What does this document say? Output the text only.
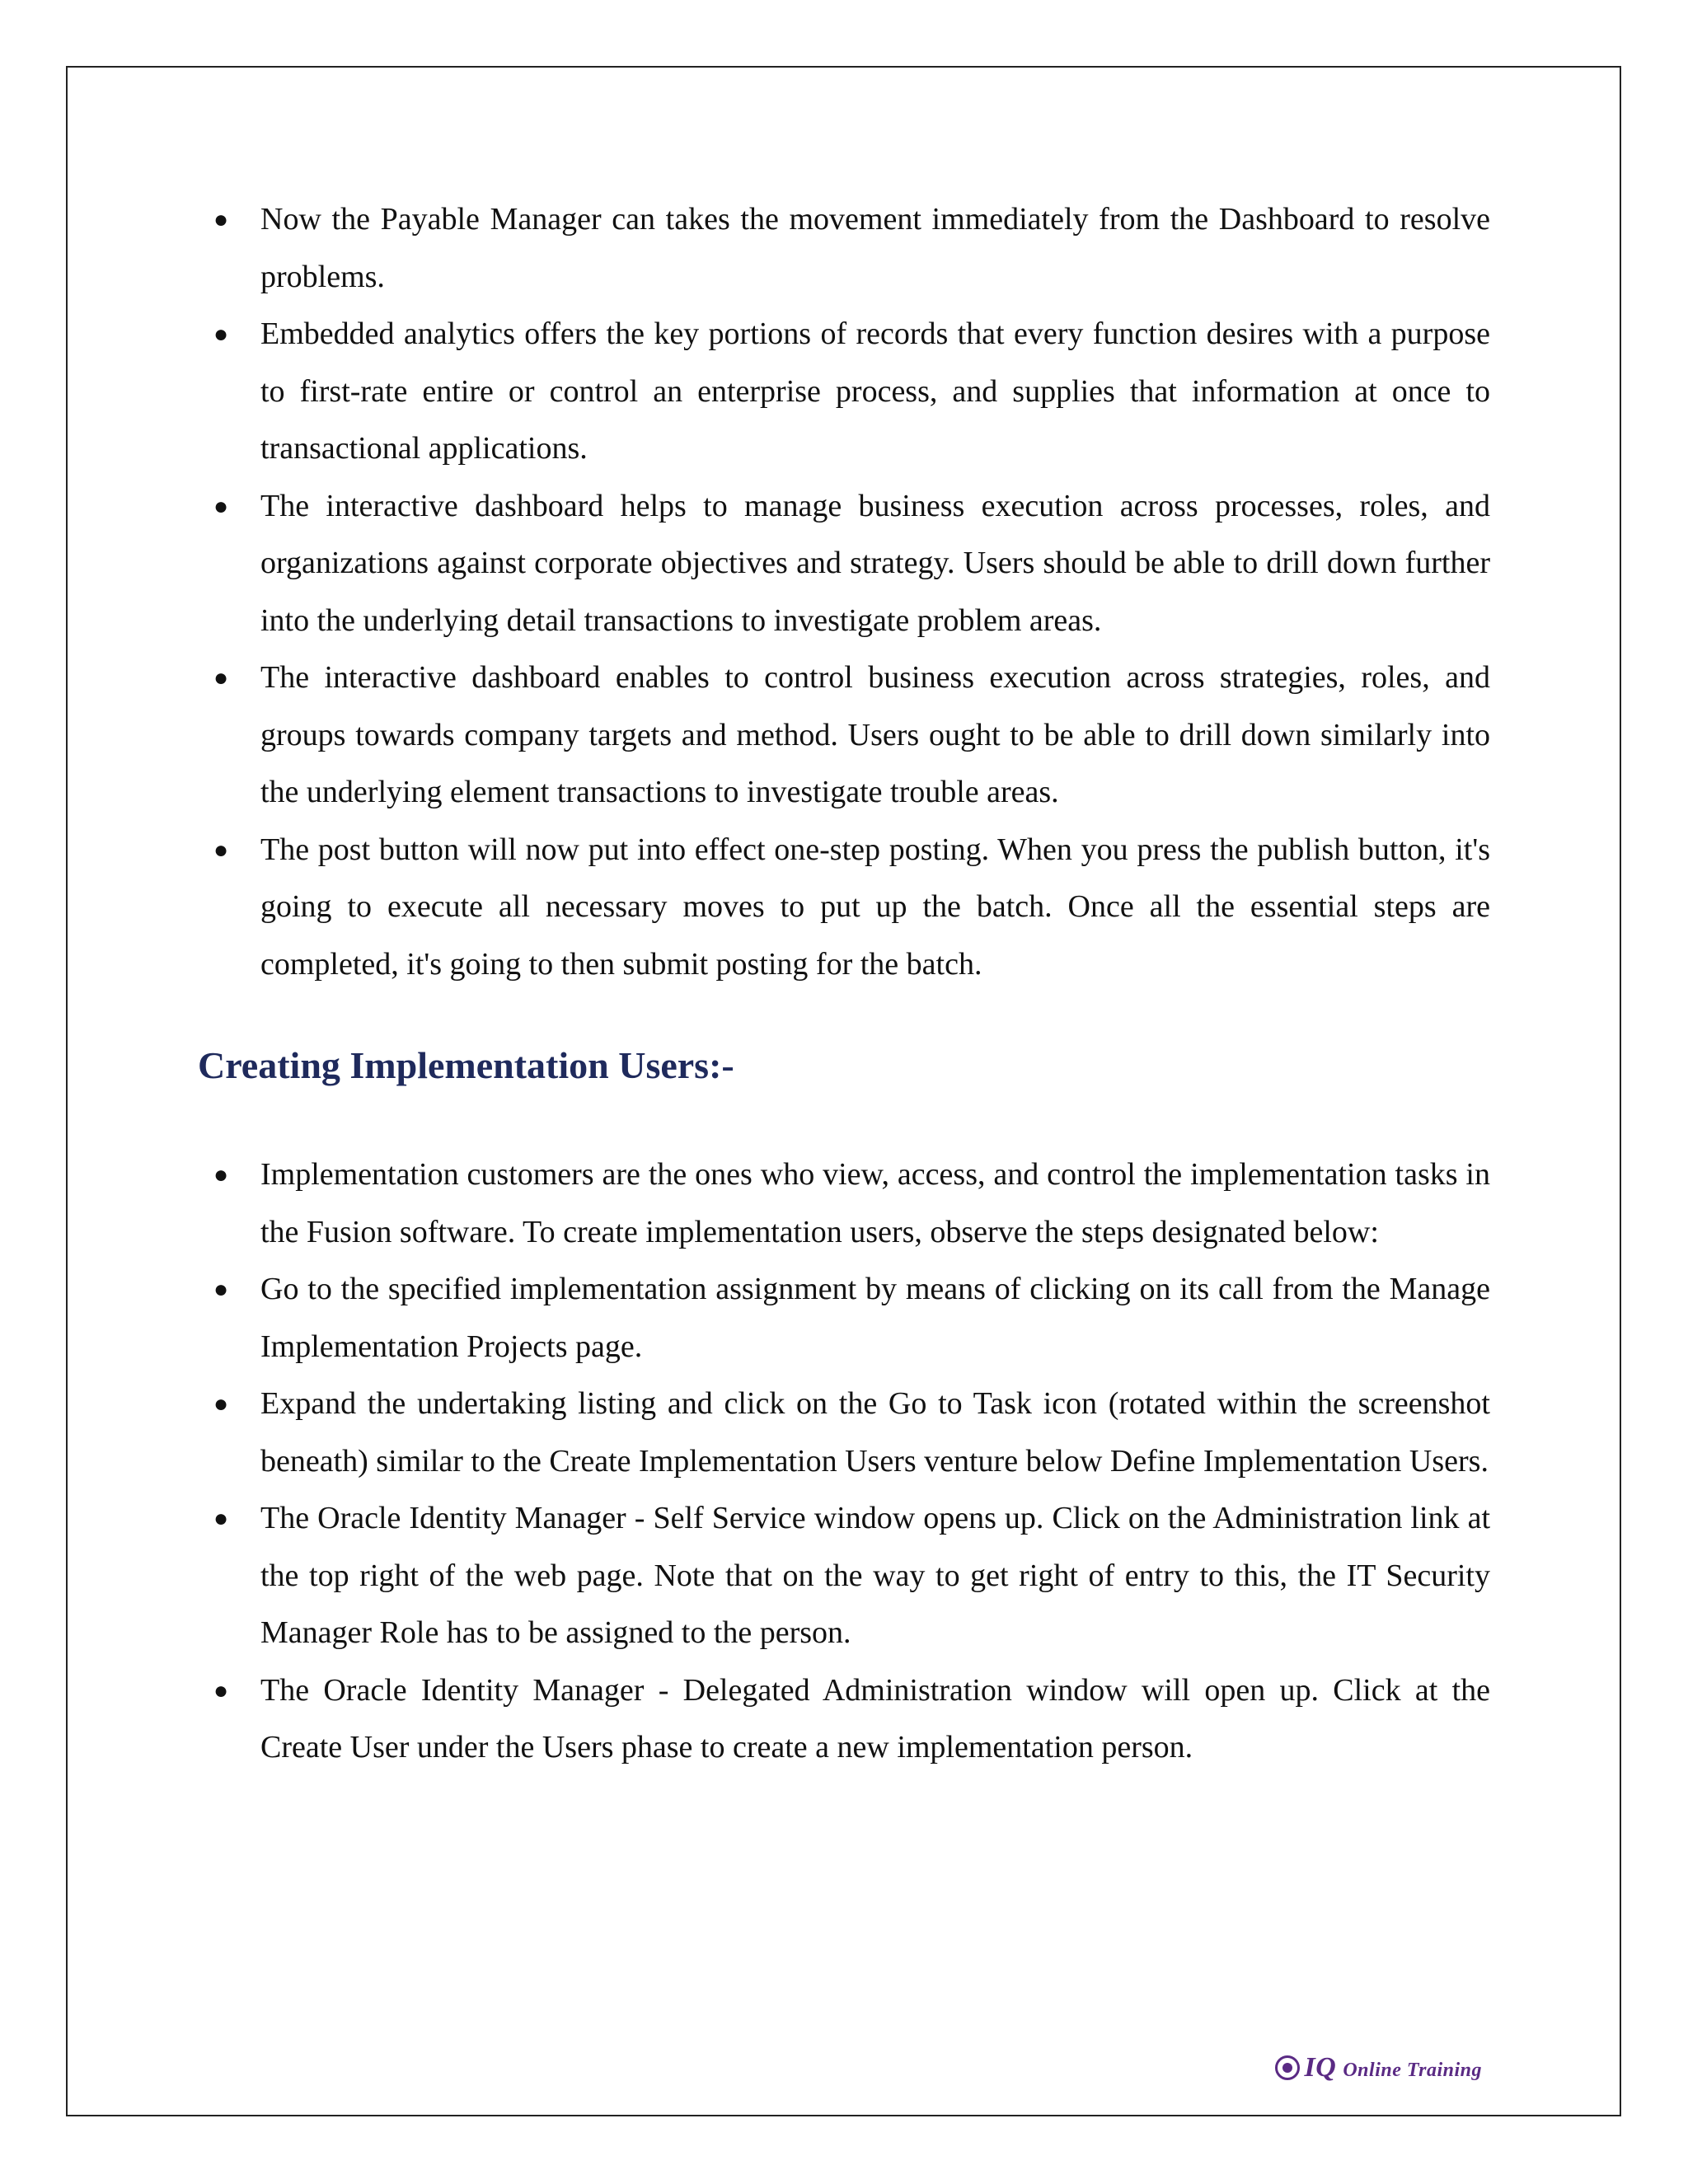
● Now the Payable Manager can takes the movement immediately from the Dashboard to resolve problems.
● Embedded analytics offers the key portions of records that every function desires with a purpose to first-rate entire or control an enterprise process, and supplies that information at once to transactional applications.
● The interactive dashboard helps to manage business execution across processes, roles, and organizations against corporate objectives and strategy. Users should be able to drill down further into the underlying detail transactions to investigate problem areas.
● The interactive dashboard enables to control business execution across strategies, roles, and groups towards company targets and method. Users ought to be able to drill down similarly into the underlying element transactions to investigate trouble areas.
● The post button will now put into effect one-step posting. When you press the publish button, it's going to execute all necessary moves to put up the batch. Once all the essential steps are completed, it's going to then submit posting for the batch.
Creating Implementation Users:-
● Implementation customers are the ones who view, access, and control the implementation tasks in the Fusion software. To create implementation users, observe the steps designated below:
● Go to the specified implementation assignment by means of clicking on its call from the Manage Implementation Projects page.
● Expand the undertaking listing and click on the Go to Task icon (rotated within the screenshot beneath) similar to the Create Implementation Users venture below Define Implementation Users.
● The Oracle Identity Manager - Self Service window opens up. Click on the Administration link at the top right of the web page. Note that on the way to get right of entry to this, the IT Security Manager Role has to be assigned to the person.
● The Oracle Identity Manager - Delegated Administration window will open up. Click at the Create User under the Users phase to create a new implementation person.
IQ Online Training
